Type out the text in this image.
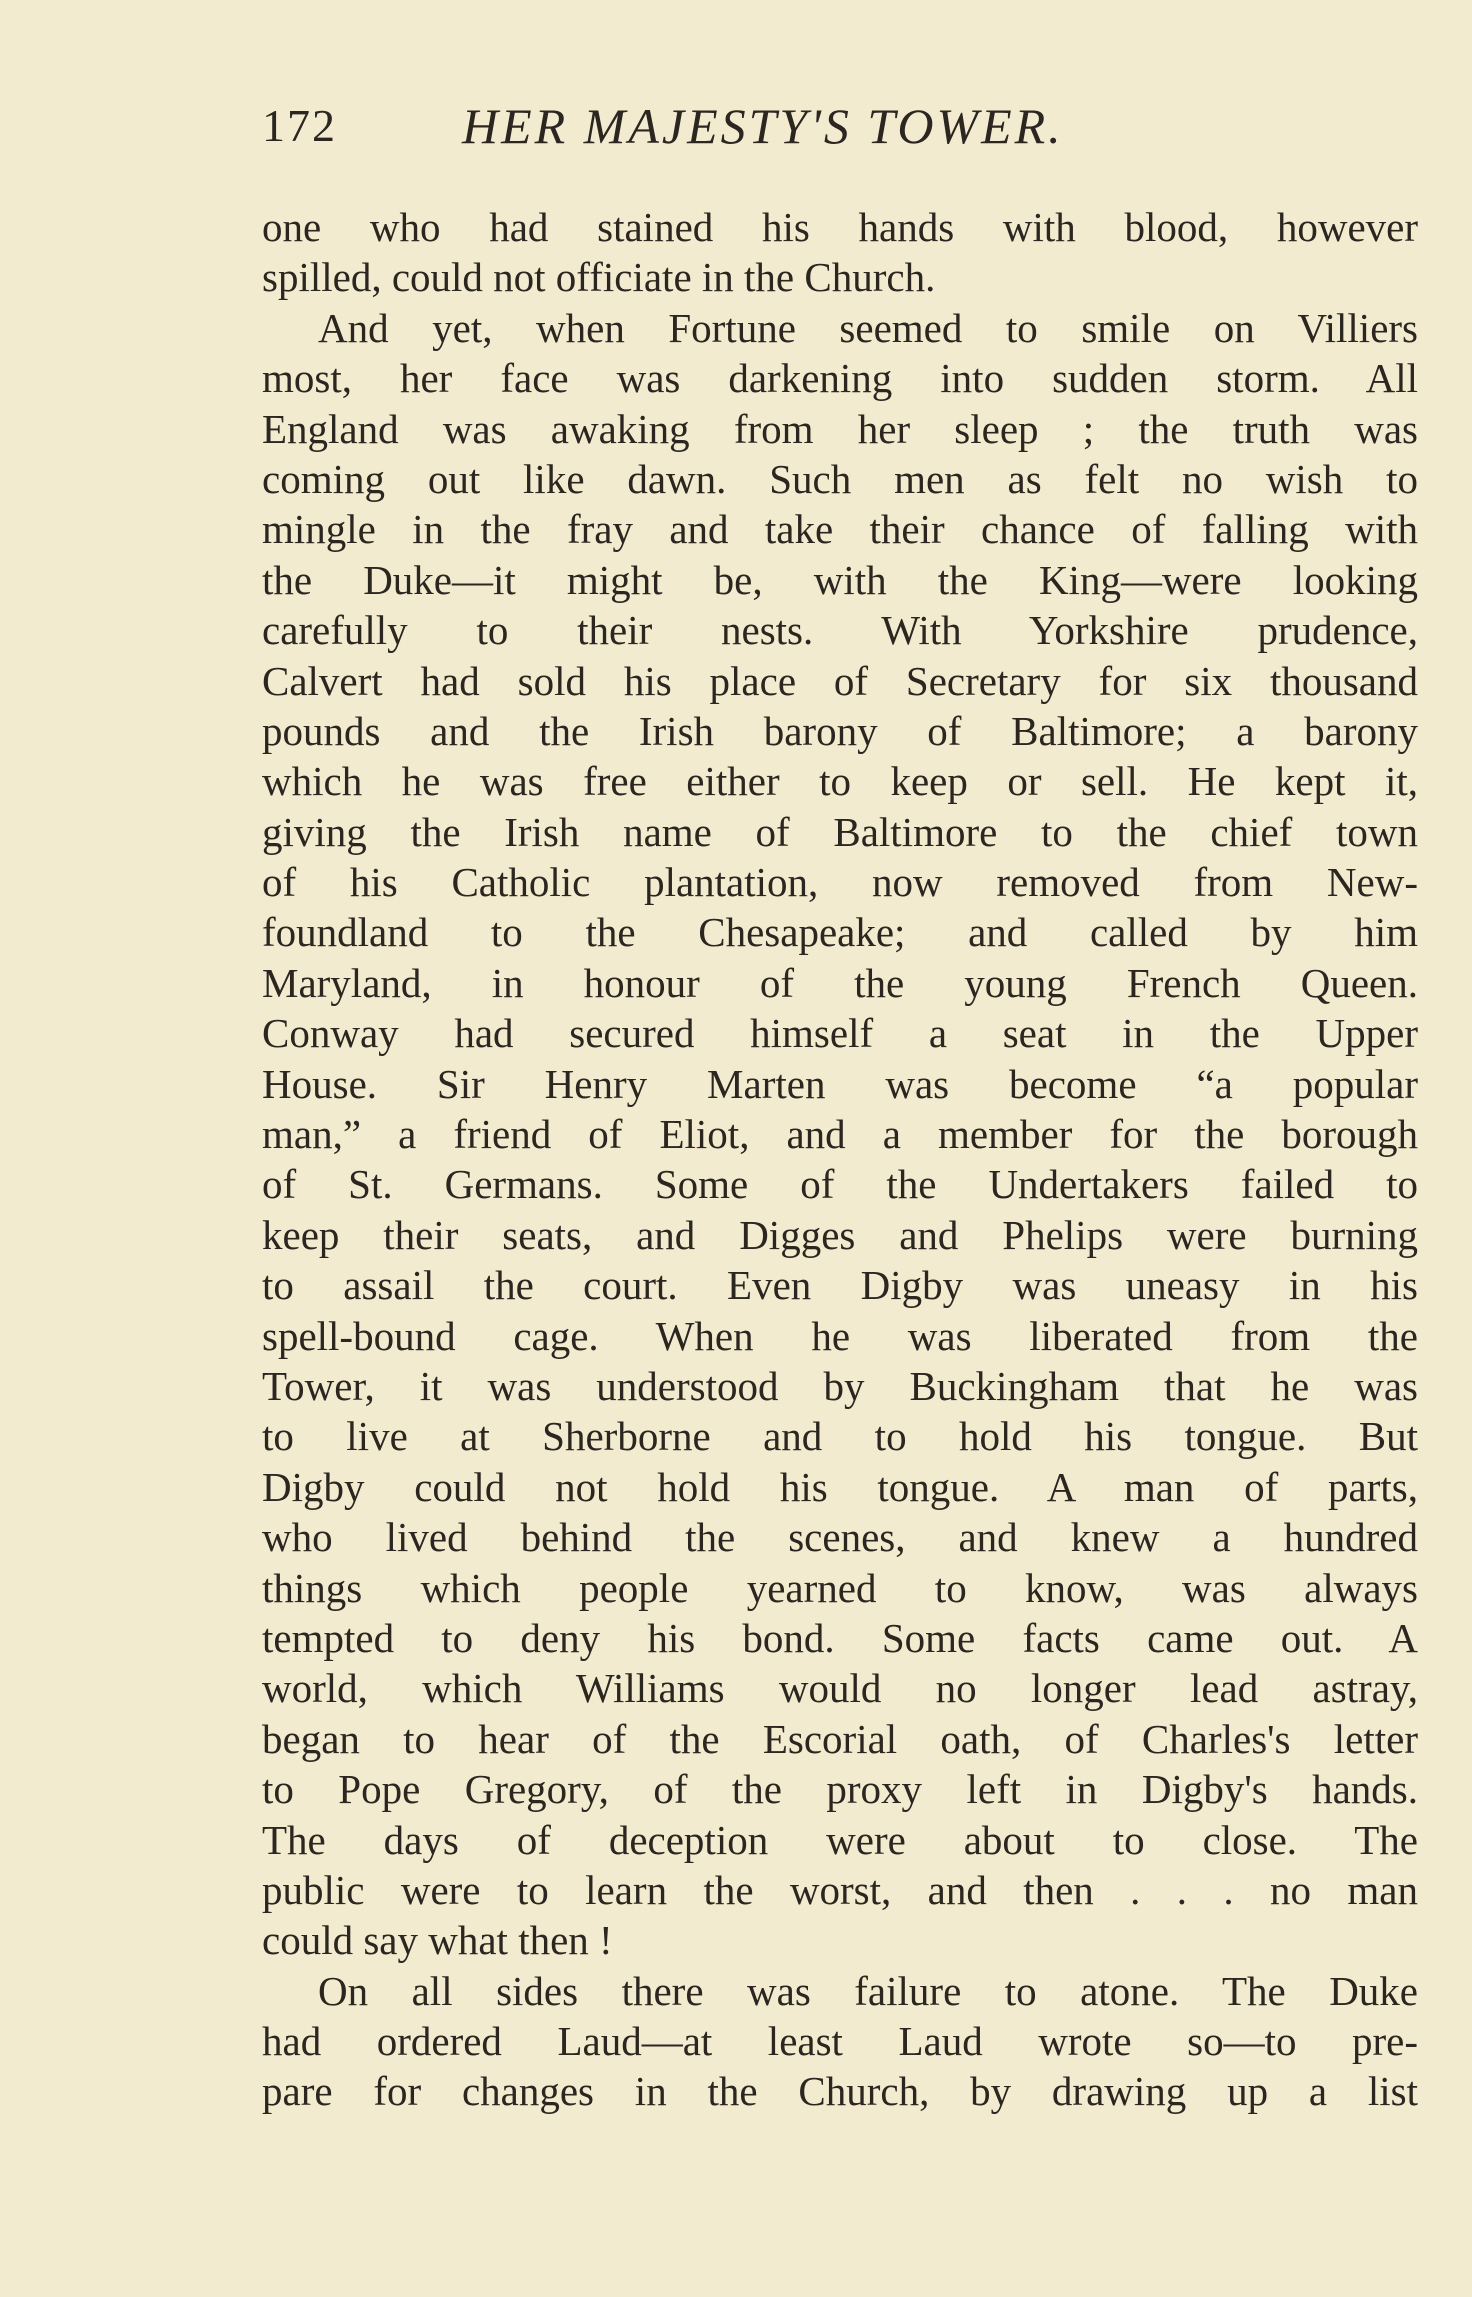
172	HER MAJESTY'S TOWER.
one who had stained his hands with blood, however
spilled, could not officiate in the Church.
And yet, when Fortune seemed to smile on Villiers
most, her face was darkening into sudden storm. All
England was awaking from her sleep ; the truth was
coming out like dawn. Such men as felt no wish to
mingle in the fray and take their chance of falling with
the Duke—it might be, with the King—were looking
carefully to their nests. With Yorkshire prudence,
Calvert had sold his place of Secretary for six thousand
pounds and the Irish barony of Baltimore; a barony
which he was free either to keep or sell. He kept it,
giving the Irish name of Baltimore to the chief town
of his Catholic plantation, now removed from New-
foundland to the Chesapeake; and called by him
Maryland, in honour of the young French Queen.
Conway had secured himself a seat in the Upper
House. Sir Henry Marten was become “a popular
man,” a friend of Eliot, and a member for the borough
of St. Germans. Some of the Undertakers failed to
keep their seats, and Digges and Phelips were burning
to assail the court. Even Digby was uneasy in his
spell-bound cage. When he was liberated from the
Tower, it was understood by Buckingham that he was
to live at Sherborne and to hold his tongue. But
Digby could not hold his tongue. A man of parts,
who lived behind the scenes, and knew a hundred
things which people yearned to know, was always
tempted to deny his bond. Some facts came out. A
world, which Williams would no longer lead astray,
began to hear of the Escorial oath, of Charles's letter
to Pope Gregory, of the proxy left in Digby's hands.
The days of deception were about to close. The
public were to learn the worst, and then . . . no man
could say what then !
On all sides there was failure to atone. The Duke
had ordered Laud—at least Laud wrote so—to pre-
pare for changes in the Church, by drawing up a list
